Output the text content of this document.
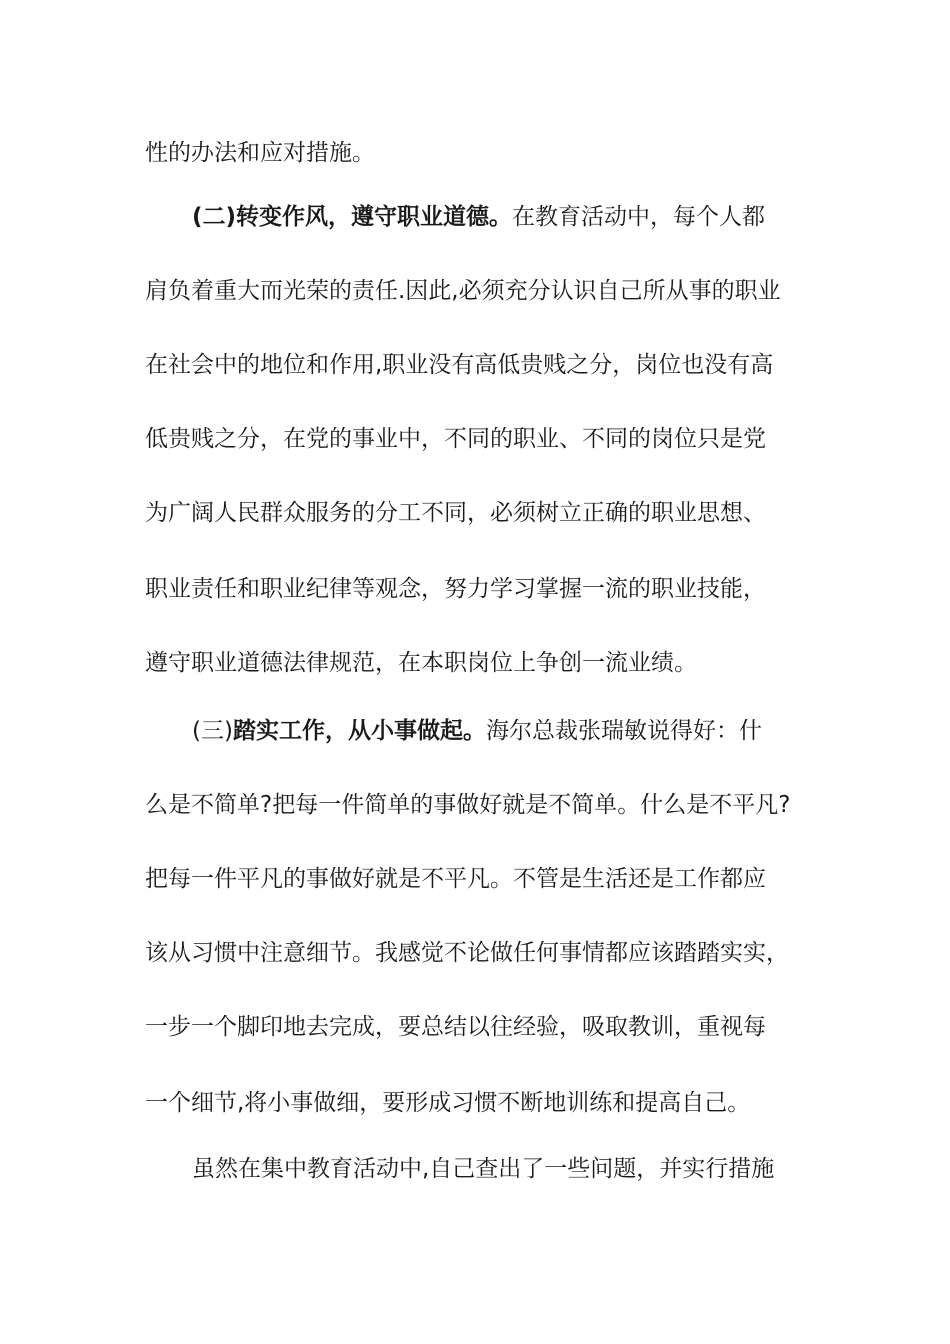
性的办法和应对措施。
(二)转变作风，遵守职业道德。在教育活动中，每个人都
肩负着重大而光荣的责任.因此,必须充分认识自己所从事的职业
在社会中的地位和作用,职业没有高低贵贱之分，岗位也没有高
低贵贱之分，在党的事业中，不同的职业、不同的岗位只是党
为广阔人民群众服务的分工不同，必须树立正确的职业思想、
职业责任和职业纪律等观念，努力学习掌握一流的职业技能，
遵守职业道德法律规范，在本职岗位上争创一流业绩。
(三)踏实工作，从小事做起。海尔总裁张瑞敏说得好：什
么是不简单?把每一件简单的事做好就是不简单。什么是不平凡?
把每一件平凡的事做好就是不平凡。不管是生活还是工作都应
该从习惯中注意细节。我感觉不论做任何事情都应该踏踏实实，
一步一个脚印地去完成，要总结以往经验，吸取教训，重视每
一个细节,将小事做细，要形成习惯不断地训练和提高自己。
虽然在集中教育活动中,自己查出了一些问题，并实行措施
